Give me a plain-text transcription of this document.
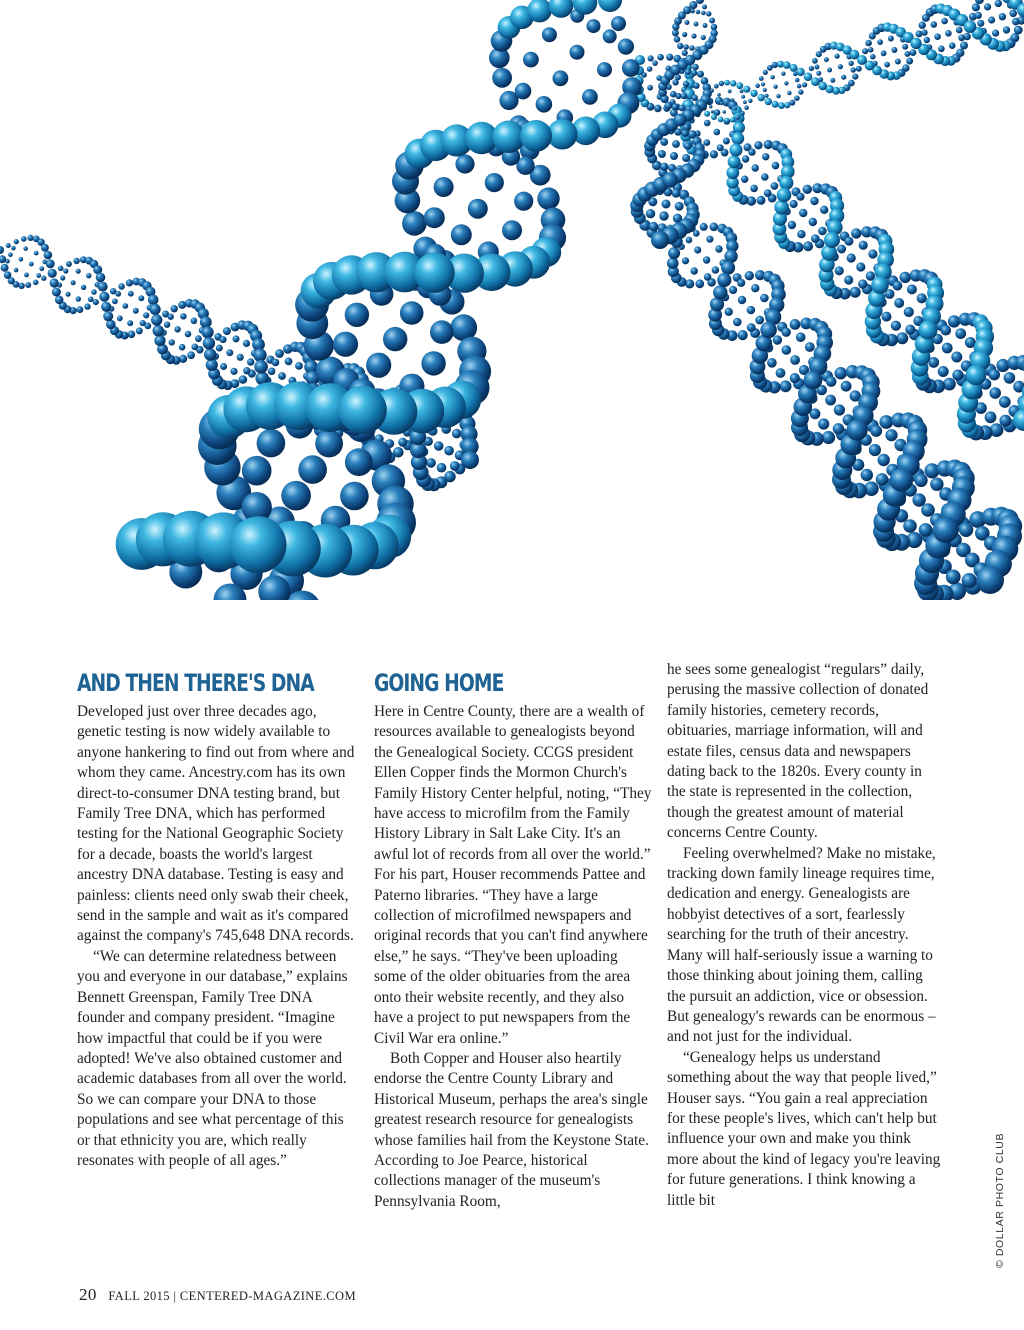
AND THEN THERE'S DNA

Developed just over three decades ago, genetic testing is now widely available to anyone hankering to find out from where and whom they came. Ancestry.com has its own direct-to-consumer DNA testing brand, but Family Tree DNA, which has performed testing for the National Geographic Society for a decade, boasts the world's largest ancestry DNA database. Testing is easy and painless: clients need only swab their cheek, send in the sample and wait as it's compared against the company's 745,648 DNA records.

“We can determine relatedness between you and everyone in our database,” explains Bennett Greenspan, Family Tree DNA founder and company president. “Imagine how impactful that could be if you were adopted! We've also obtained customer and academic databases from all over the world. So we can compare your DNA to those populations and see what percentage of this or that ethnicity you are, which really resonates with people of all ages.”

GOING HOME

Here in Centre County, there are a wealth of resources available to genealogists beyond the Genealogical Society. CCGS president Ellen Copper finds the Mormon Church's Family History Center helpful, noting, “They have access to microfilm from the Family History Library in Salt Lake City. It's an awful lot of records from all over the world.” For his part, Houser recommends Pattee and Paterno libraries. “They have a large collection of microfilmed newspapers and original records that you can't find anywhere else,” he says. “They've been uploading some of the older obituaries from the area onto their website recently, and they also have a project to put newspapers from the Civil War era online.”

Both Copper and Houser also heartily endorse the Centre County Library and Historical Museum, perhaps the area's single greatest research resource for genealogists whose families hail from the Keystone State. According to Joe Pearce, historical collections manager of the museum's Pennsylvania Room,

he sees some genealogist “regulars” daily, perusing the massive collection of donated family histories, cemetery records, obituaries, marriage information, will and estate files, census data and newspapers dating back to the 1820s. Every county in the state is represented in the collection, though the greatest amount of material concerns Centre County.

Feeling overwhelmed? Make no mistake, tracking down family lineage requires time, dedication and energy. Genealogists are hobbyist detectives of a sort, fearlessly searching for the truth of their ancestry. Many will half-seriously issue a warning to those thinking about joining them, calling the pursuit an addiction, vice or obsession. But genealogy's rewards can be enormous – and not just for the individual.

“Genealogy helps us understand something about the way that people lived,” Houser says. “You gain a real appreciation for these people's lives, which can't help but influence your own and make you think more about the kind of legacy you're leaving for future generations. I think knowing a little bit

20 FALL 2015 | CENTERED-MAGAZINE.COM
© DOLLAR PHOTO CLUB
